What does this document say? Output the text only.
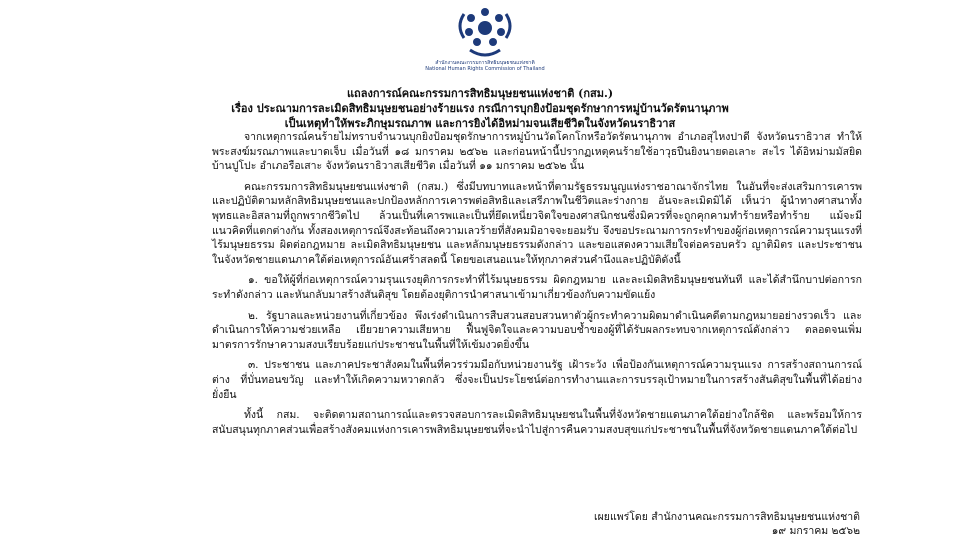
สำนักงานคณะกรรมการสิทธิมนุษยชนแห่งชาติ
National Human Rights Commission of Thailand
แถลงการณ์คณะกรรมการสิทธิมนุษยชนแห่งชาติ (กสม.)
เรื่อง ประณามการละเมิดสิทธิมนุษยชนอย่างร้ายแรง กรณีการบุกยิงป้อมชุดรักษาการหมู่บ้านวัดรัตนานุภาพ
เป็นเหตุทำให้พระภิกษุมรณภาพ และการยิงได้อิหม่ามจนเสียชีวิตในจังหวัดนราธิวาส

จากเหตุการณ์คนร้ายไม่ทราบจำนวนบุกยิงป้อมชุดรักษาการหมู่บ้านวัดโคกโกหรือวัดรัตนานุภาพ อำเภอสุไหงปาดี จังหวัดนราธิวาส ทำให้พระสงฆ์มรณภาพและบาดเจ็บ เมื่อวันที่ ๑๘ มกราคม ๒๕๖๒ และก่อนหน้านี้ปรากฏเหตุคนร้ายใช้อาวุธปืนยิงนายดอเลาะ สะไร ได้อิหม่ามมัสยิดบ้านปูโปะ อำเภอรือเสาะ จังหวัดนราธิวาสเสียชีวิต เมื่อวันที่ ๑๑ มกราคม ๒๕๖๒ นั้น

คณะกรรมการสิทธิมนุษยชนแห่งชาติ (กสม.) ซึ่งมีบทบาทและหน้าที่ตามรัฐธรรมนูญแห่งราชอาณาจักรไทย ในอันที่จะส่งเสริมการเคารพและปฏิบัติตามหลักสิทธิมนุษยชนและปกป้องหลักการเคารพต่อสิทธิและเสรีภาพในชีวิตและร่างกาย อันจะละเมิดมิได้ เห็นว่า ผู้นำทางศาสนาทั้งพุทธและอิสลามที่ถูกพรากชีวิตไป ล้วนเป็นที่เคารพและเป็นที่ยึดเหนี่ยวจิตใจของศาสนิกชนซึ่งมิควรที่จะถูกคุกคามทำร้ายหรือทำร้าย แม้จะมีแนวคิดที่แตกต่างกัน ทั้งสองเหตุการณ์จึงสะท้อนถึงความเลวร้ายที่สังคมมิอาจจะยอมรับ จึงขอประณามการกระทำของผู้ก่อเหตุการณ์ความรุนแรงที่ไร้มนุษยธรรม ผิดต่อกฎหมาย ละเมิดสิทธิมนุษยชน และหลักมนุษยธรรมดังกล่าว และขอแสดงความเสียใจต่อครอบครัว ญาติมิตร และประชาชนในจังหวัดชายแดนภาคใต้ต่อเหตุการณ์อันเศร้าสลดนี้ โดยขอเสนอแนะให้ทุกภาคส่วนคำนึงและปฏิบัติดังนี้

๑. ขอให้ผู้ที่ก่อเหตุการณ์ความรุนแรงยุติการกระทำที่ไร้มนุษยธรรม ผิดกฎหมาย และละเมิดสิทธิมนุษยชนทันที และได้สำนึกบาปต่อการกระทำดังกล่าว และหันกลับมาสร้างสันติสุข โดยต้องยุติการนำศาสนาเข้ามาเกี่ยวข้องกับความขัดแย้ง

๒. รัฐบาลและหน่วยงานที่เกี่ยวข้อง พึงเร่งดำเนินการสืบสวนสอบสวนหาตัวผู้กระทำความผิดมาดำเนินคดีตามกฎหมายอย่างรวดเร็ว และดำเนินการให้ความช่วยเหลือ เยียวยาความเสียหาย ฟื้นฟูจิตใจและความบอบช้ำของผู้ที่ได้รับผลกระทบจากเหตุการณ์ดังกล่าว ตลอดจนเพิ่มมาตรการรักษาความสงบเรียบร้อยแก่ประชาชนในพื้นที่ให้เข้มงวดยิ่งขึ้น

๓. ประชาชน และภาคประชาสังคมในพื้นที่ควรร่วมมือกับหน่วยงานรัฐ เฝ้าระวัง เพื่อป้องกันเหตุการณ์ความรุนแรง การสร้างสถานการณ์ต่าง ที่บั่นทอนขวัญ และทำให้เกิดความหวาดกลัว ซึ่งจะเป็นประโยชน์ต่อการทำงานและการบรรลุเป้าหมายในการสร้างสันติสุขในพื้นที่ได้อย่างยั่งยืน

ทั้งนี้ กสม. จะติดตามสถานการณ์และตรวจสอบการละเมิดสิทธิมนุษยชนในพื้นที่จังหวัดชายแดนภาคใต้อย่างใกล้ชิด และพร้อมให้การสนับสนุนทุกภาคส่วนเพื่อสร้างสังคมแห่งการเคารพสิทธิมนุษยชนที่จะนำไปสู่การคืนความสงบสุขแก่ประชาชนในพื้นที่จังหวัดชายแดนภาคใต้ต่อไป

เผยแพร่โดย สำนักงานคณะกรรมการสิทธิมนุษยชนแห่งชาติ
๑๙ มกราคม ๒๕๖๒
